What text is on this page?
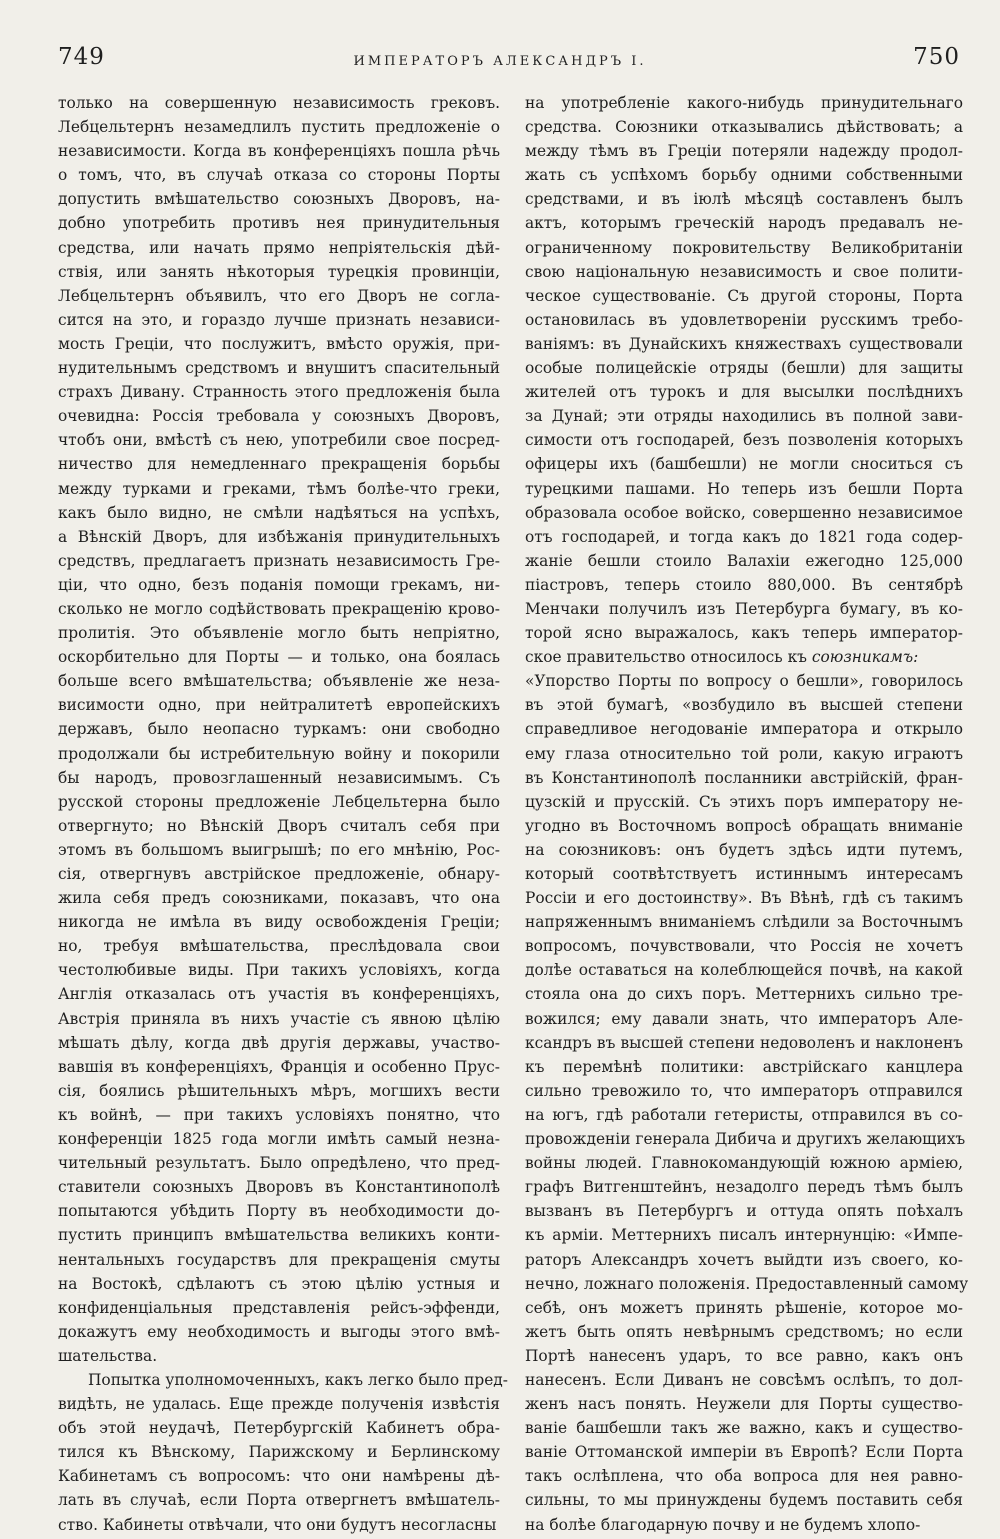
749	ИМПЕРАТОРЪ АЛЕКСАНДРЪ I.	750
только на совершенную независимость грековъ.
Лебцельтернъ незамедлилъ пустить предложеніе о
независимости. Когда въ конференціяхъ пошла рѣчь
о томъ, что, въ случаѣ отказа со стороны Порты
допустить вмѣшательство союзныхъ Дворовъ, на-
добно употребить противъ нея принудительныя
средства, или начать прямо непріятельскія дѣй-
ствія, или занять нѣкоторыя турецкія провинціи,
Лебцельтернъ объявилъ, что его Дворъ не согла-
сится на это, и гораздо лучше признать независи-
мость Греціи, что послужитъ, вмѣсто оружія, при-
нудительнымъ средствомъ и внушитъ спасительный
страхъ Дивану. Странность этого предложенія была
очевидна: Россія требовала у союзныхъ Дворовъ,
чтобъ они, вмѣстѣ съ нею, употребили свое посред-
ничество для немедленнаго прекращенія борьбы
между турками и греками, тѣмъ болѣе-что греки,
какъ было видно, не смѣли надѣяться на успѣхъ,
а Вѣнскій Дворъ, для избѣжанія принудительныхъ
средствъ, предлагаетъ признать независимость Гре-
ціи, что одно, безъ поданія помощи грекамъ, ни-
сколько не могло содѣйствовать прекращенію крово-
пролитія. Это объявленіе могло быть непріятно,
оскорбительно для Порты — и только, она боялась
больше всего вмѣшательства; объявленіе же неза-
висимости одно, при нейтралитетѣ европейскихъ
державъ, было неопасно туркамъ: они свободно
продолжали бы истребительную войну и покорили
бы народъ, провозглашенный независимымъ. Съ
русской стороны предложеніе Лебцельтерна было
отвергнуто; но Вѣнскій Дворъ считалъ себя при
этомъ въ большомъ выигрышѣ; по его мнѣнію, Рос-
сія, отвергнувъ австрійское предложеніе, обнару-
жила себя предъ союзниками, показавъ, что она
никогда не имѣла въ виду освобожденія Греціи;
но, требуя вмѣшательства, преслѣдовала свои
честолюбивые виды. При такихъ условіяхъ, когда
Англія отказалась отъ участія въ конференціяхъ,
Австрія приняла въ нихъ участіе съ явною цѣлію
мѣшать дѣлу, когда двѣ другія державы, участво-
вавшія въ конференціяхъ, Франція и особенно Прус-
сія, боялись рѣшительныхъ мѣръ, могшихъ вести
къ войнѣ, — при такихъ условіяхъ понятно, что
конференціи 1825 года могли имѣть самый незна-
чительный результатъ. Было опредѣлено, что пред-
ставители союзныхъ Дворовъ въ Константинополѣ
попытаются убѣдить Порту въ необходимости до-
пустить принципъ вмѣшательства великихъ конти-
нентальныхъ государствъ для прекращенія смуты
на Востокѣ, сдѣлаютъ съ этою цѣлію устныя и
конфиденціальныя представленія рейсъ-эффенди,
докажутъ ему необходимость и выгоды этого вмѣ-
шательства.
Попытка уполномоченныхъ, какъ легко было пред-
видѣть, не удалась. Еще прежде полученія извѣстія
объ этой неудачѣ, Петербургскій Кабинетъ обра-
тился къ Вѣнскому, Парижскому и Берлинскому
Кабинетамъ съ вопросомъ: что они намѣрены дѣ-
лать въ случаѣ, если Порта отвергнетъ вмѣшатель-
ство. Кабинеты отвѣчали, что они будутъ несогласны
на употребленіе какого-нибудь принудительнаго
средства. Союзники отказывались дѣйствовать; а
между тѣмъ въ Греціи потеряли надежду продол-
жать съ успѣхомъ борьбу одними собственными
средствами, и въ іюлѣ мѣсяцѣ составленъ былъ
актъ, которымъ греческій народъ предавалъ не-
ограниченному покровительству Великобританіи
свою національную независимость и свое полити-
ческое существованіе. Съ другой стороны, Порта
остановилась въ удовлетвореніи русскимъ требо-
ваніямъ: въ Дунайскихъ княжествахъ существовали
особые полицейскіе отряды (бешли) для защиты
жителей отъ турокъ и для высылки послѣднихъ
за Дунай; эти отряды находились въ полной зави-
симости отъ господарей, безъ позволенія которыхъ
офицеры ихъ (башбешли) не могли сноситься съ
турецкими пашами. Но теперь изъ бешли Порта
образовала особое войско, совершенно независимое
отъ господарей, и тогда какъ до 1821 года содер-
жаніе бешли стоило Валахіи ежегодно 125,000
піастровъ, теперь стоило 880,000. Въ сентябрѣ
Менчаки получилъ изъ Петербурга бумагу, въ ко-
торой ясно выражалось, какъ теперь император-
ское правительство относилось къ союзникамъ:
«Упорство Порты по вопросу о бешли», говорилось
въ этой бумагѣ, «возбудило въ высшей степени
справедливое негодованіе императора и открыло
ему глаза относительно той роли, какую играютъ
въ Константинополѣ посланники австрійскій, фран-
цузскій и прусскій. Съ этихъ поръ императору не-
угодно въ Восточномъ вопросѣ обращать вниманіе
на союзниковъ: онъ будетъ здѣсь идти путемъ,
который соотвѣтствуетъ истиннымъ интересамъ
Россіи и его достоинству». Въ Вѣнѣ, гдѣ съ такимъ
напряженнымъ вниманіемъ слѣдили за Восточнымъ
вопросомъ, почувствовали, что Россія не хочетъ
долѣе оставаться на колеблющейся почвѣ, на какой
стояла она до сихъ поръ. Меттернихъ сильно тре-
вожился; ему давали знать, что императоръ Але-
ксандръ въ высшей степени недоволенъ и наклоненъ
къ перемѣнѣ политики: австрійскаго канцлера
сильно тревожило то, что императоръ отправился
на югъ, гдѣ работали гетеристы, отправился въ со-
провожденіи генерала Дибича и другихъ желающихъ
войны людей. Главнокомандующій южною арміею,
графъ Витгенштейнъ, незадолго передъ тѣмъ былъ
вызванъ въ Петербургъ и оттуда опять поѣхалъ
къ арміи. Меттернихъ писалъ интернунцію: «Импе-
раторъ Александръ хочетъ выйдти изъ своего, ко-
нечно, ложнаго положенія. Предоставленный самому
себѣ, онъ можетъ принять рѣшеніе, которое мо-
жетъ быть опять невѣрнымъ средствомъ; но если
Портѣ нанесенъ ударъ, то все равно, какъ онъ
нанесенъ. Если Диванъ не совсѣмъ ослѣпъ, то дол-
женъ насъ понять. Неужели для Порты существо-
ваніе башбешли такъ же важно, какъ и существо-
ваніе Оттоманской имперіи въ Европѣ? Если Порта
такъ ослѣплена, что оба вопроса для нея равно-
сильны, то мы принуждены будемъ поставить себя
на болѣе благодарную почву и не будемъ хлопо-
